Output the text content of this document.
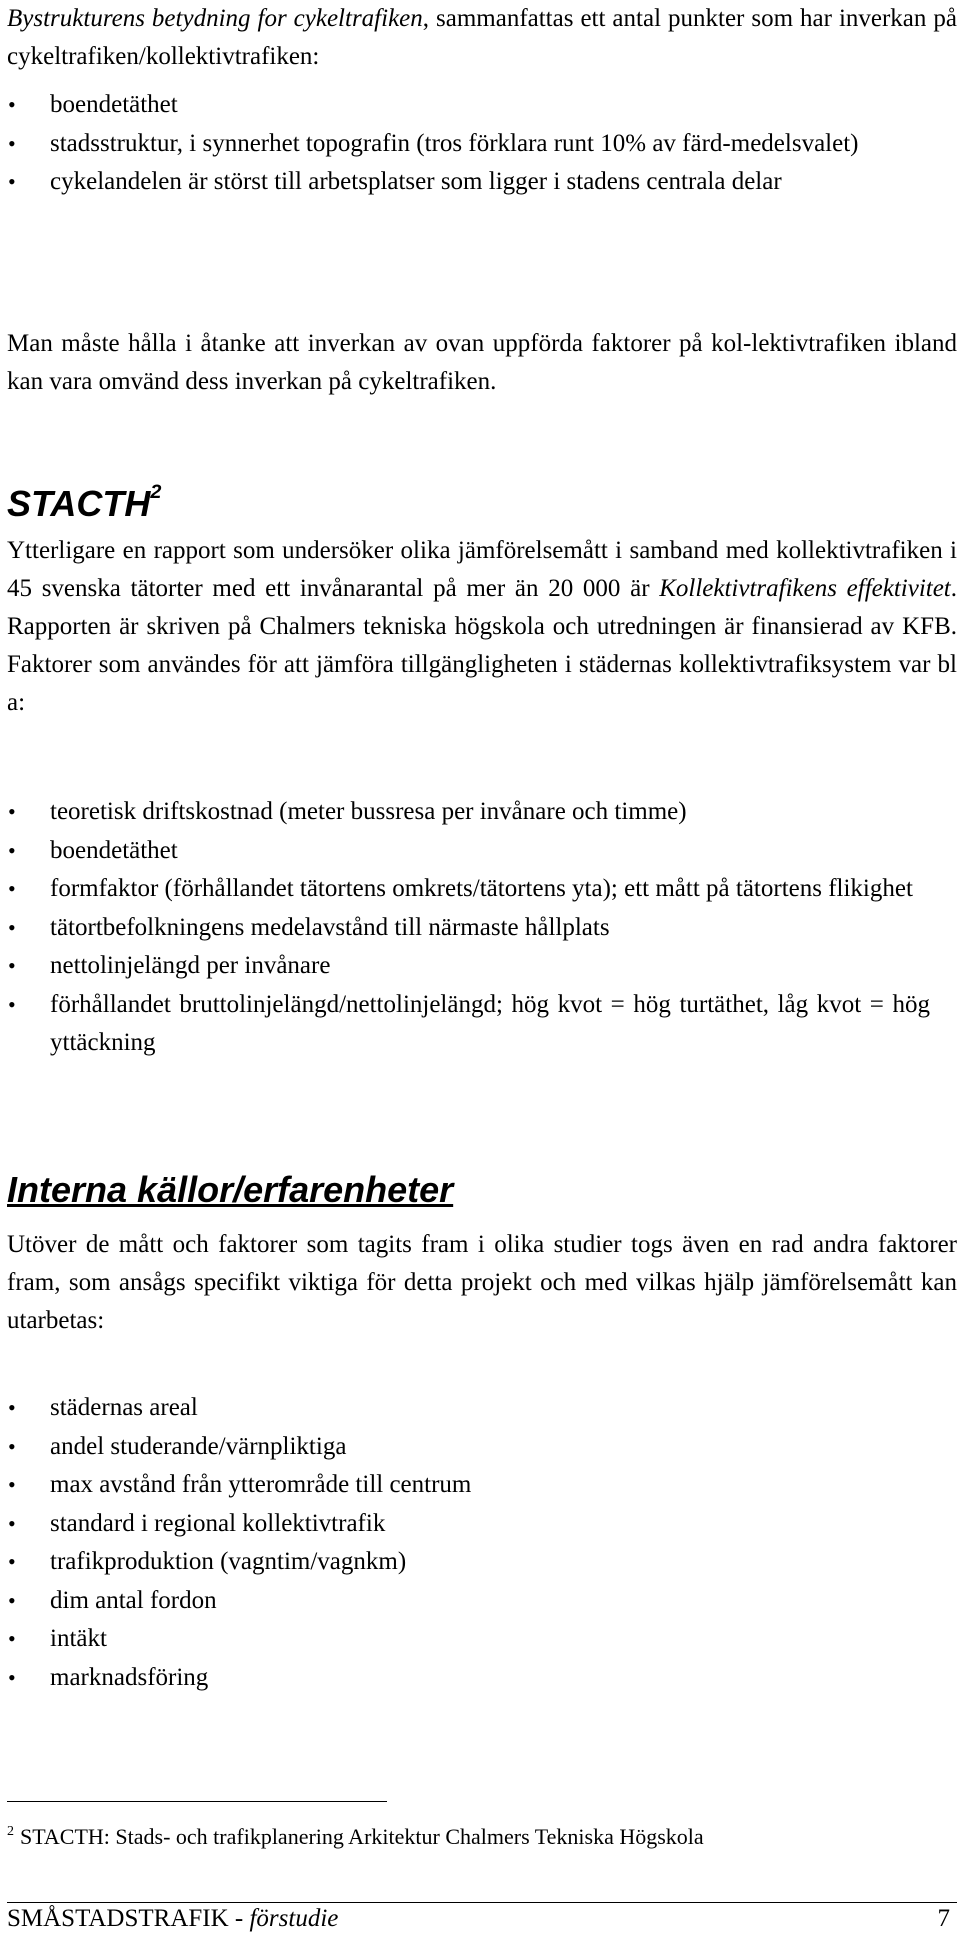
Bystrukturens betydning for cykeltrafiken, sammanfattas ett antal punkter som har inverkan på cykeltrafiken/kollektivtrafiken:

•	boendetäthet
•	stadsstruktur, i synnerhet topografin (tros förklara runt 10% av färd-medelsvalet)
•	cykelandelen är störst till arbetsplatser som ligger i stadens centrala delar

Man måste hålla i åtanke att inverkan av ovan uppförda faktorer på kol-lektivtrafiken ibland kan vara omvänd dess inverkan på cykeltrafiken.

STACTH$^2$

Ytterligare en rapport som undersöker olika jämförelsemått i samband med kollektivtrafiken i 45 svenska tätorter med ett invånarantal på mer än 20 000 är Kollektivtrafikens effektivitet. Rapporten är skriven på Chalmers tekniska högskola och utredningen är finansierad av KFB. Faktorer som användes för att jämföra tillgängligheten i städernas kollektivtrafiksystem var bl a:

•	teoretisk driftskostnad (meter bussresa per invånare och timme)
•	boendetäthet
•	formfaktor (förhållandet tätortens omkrets/tätortens yta); ett mått på tätortens flikighet
•	tätortbefolkningens medelavstånd till närmaste hållplats
•	nettolinjelängd per invånare
•	förhållandet bruttolinjelängd/nettolinjelängd; hög kvot = hög turtäthet, låg kvot = hög yttäckning
Interna källor/erfarenheter

Utöver de mått och faktorer som tagits fram i olika studier togs även en rad andra faktorer fram, som ansågs specifikt viktiga för detta projekt och med vilkas hjälp jämförelsemått kan utarbetas:

•	städernas areal
•	andel studerande/värnpliktiga
•	max avstånd från ytterområde till centrum
•	standard i regional kollektivtrafik
•	trafikproduktion (vagntim/vagnkm)
•	dim antal fordon
•	intäkt
•	marknadsföring
$^2$ STACTH: Stads- och trafikplanering Arkitektur Chalmers Tekniska Högskola
SMÅSTADSTRAFIK - förstudie	7
